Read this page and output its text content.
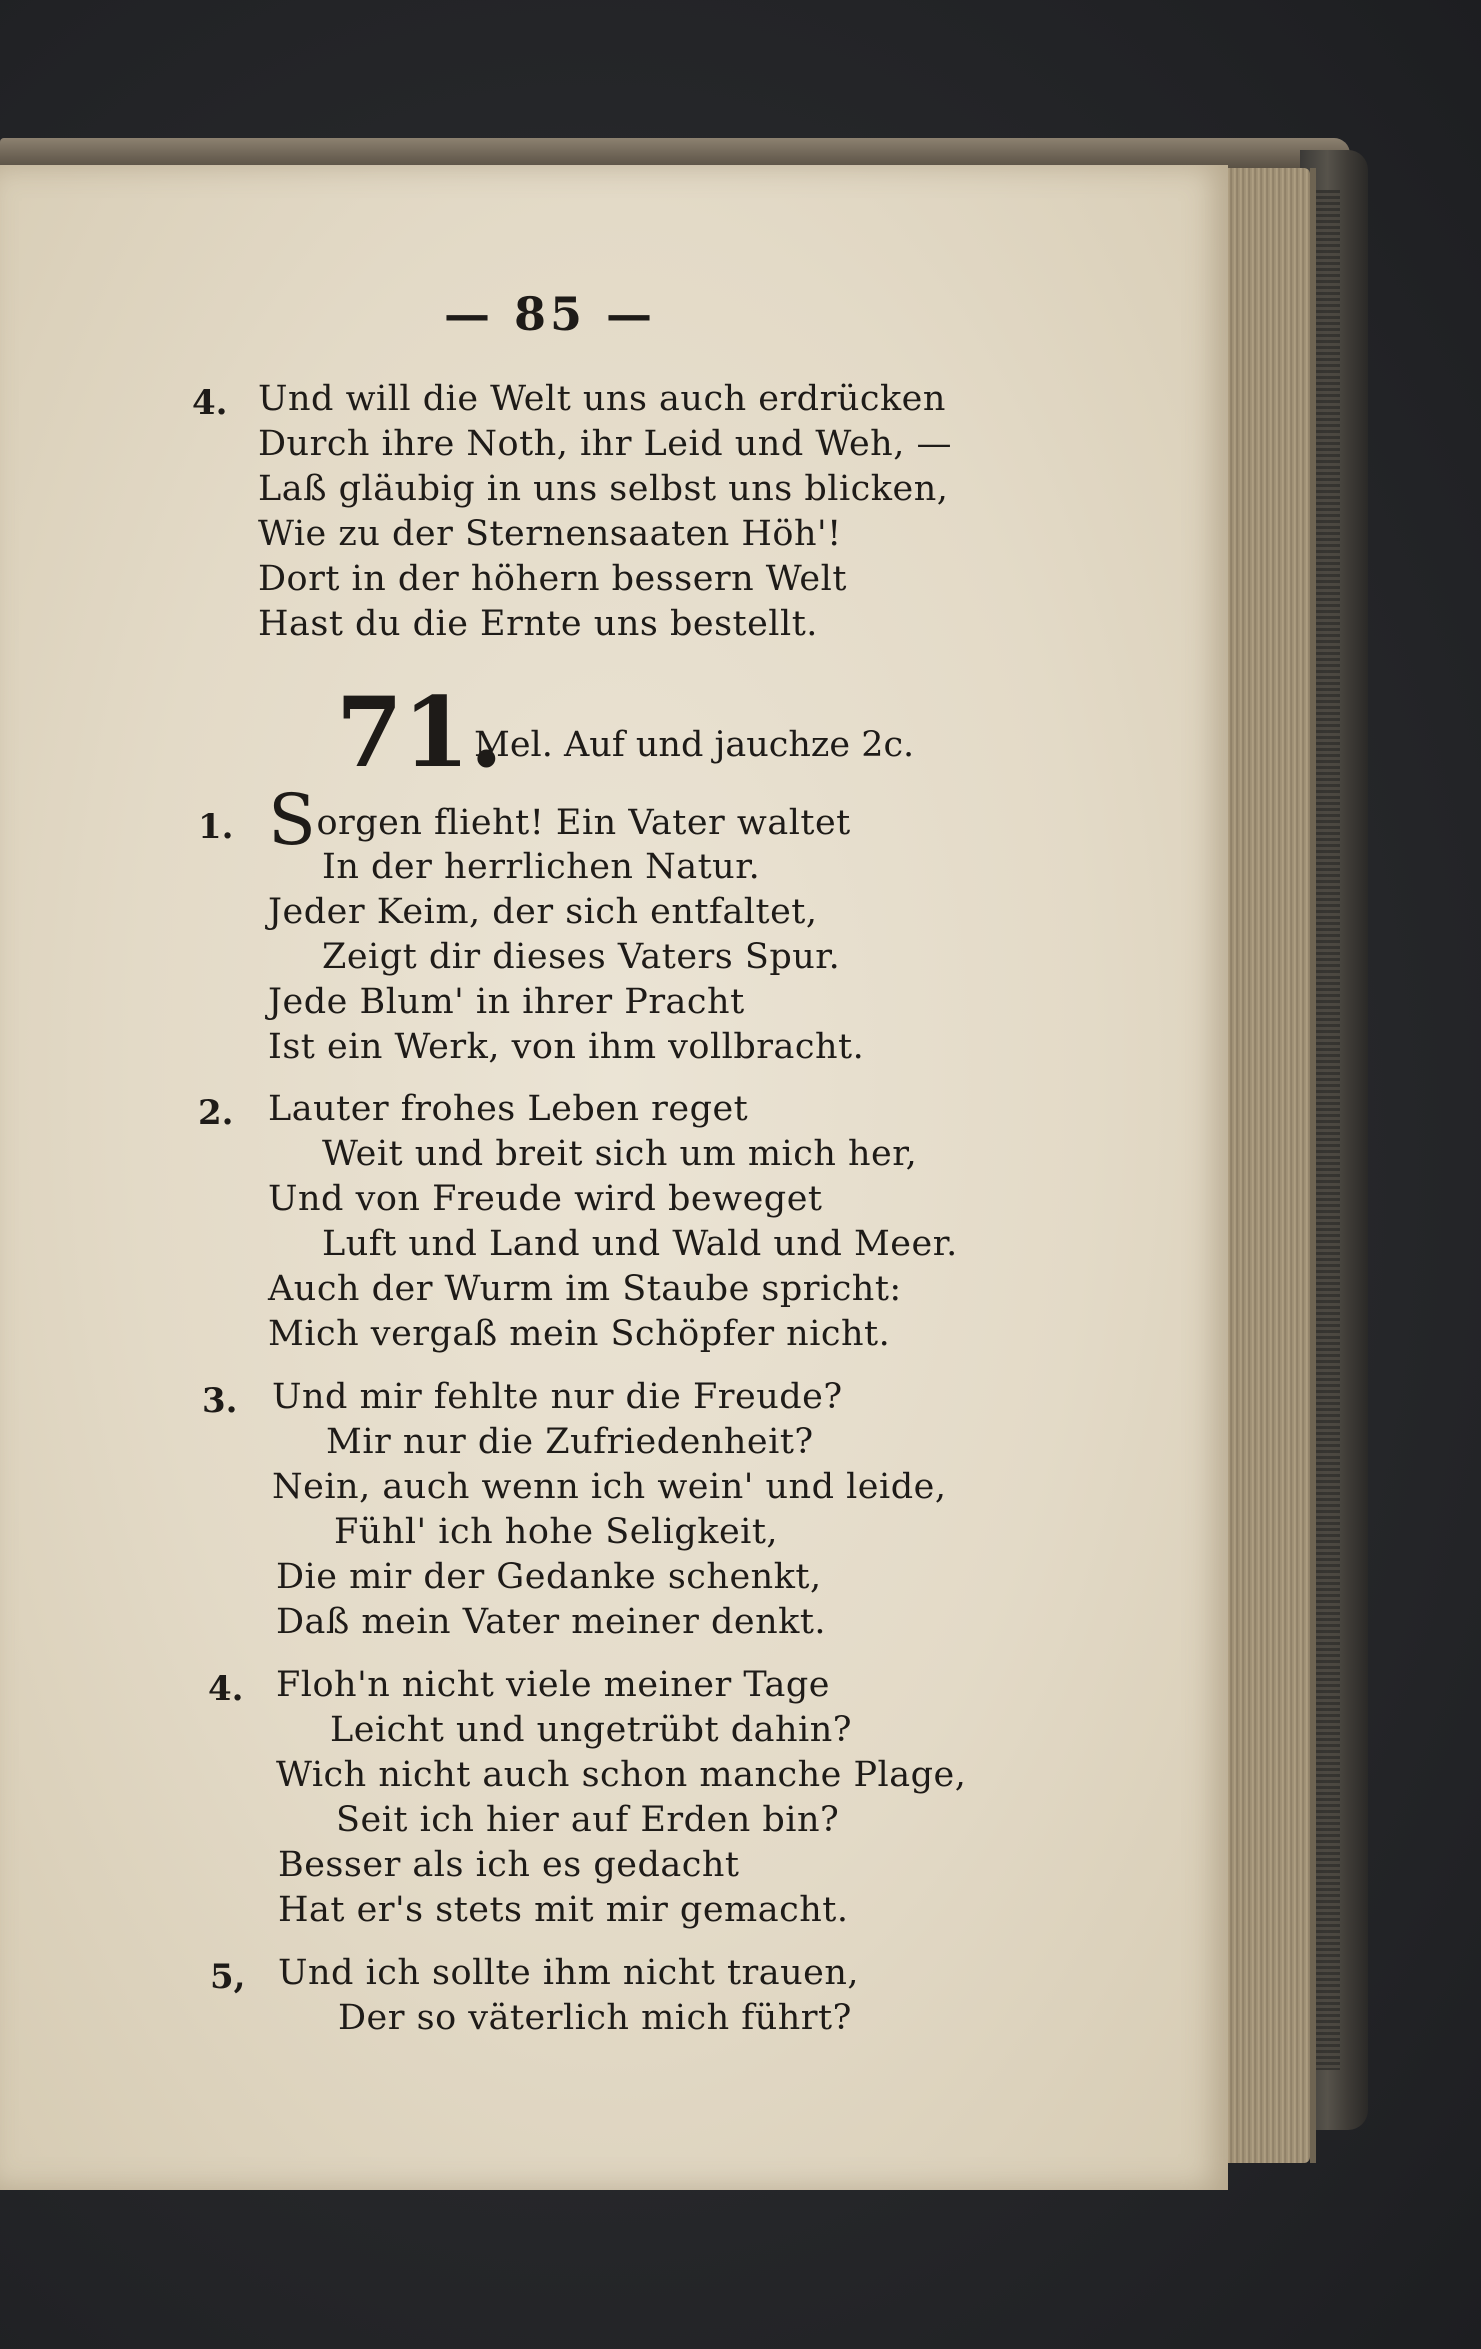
— 85 —
4. Und will die Welt uns auch erdrücken
Durch ihre Noth, ihr Leid und Weh, —
Laß gläubig in uns selbst uns blicken,
Wie zu der Sternensaaten Höh'!
Dort in der höhern bessern Welt
Hast du die Ernte uns bestellt.
71.
Mel. Auf und jauchze 2c.
1. Sorgen flieht! Ein Vater waltet
In der herrlichen Natur.
Jeder Keim, der sich entfaltet,
Zeigt dir dieses Vaters Spur.
Jede Blum' in ihrer Pracht
Ist ein Werk, von ihm vollbracht.
2. Lauter frohes Leben reget
Weit und breit sich um mich her,
Und von Freude wird beweget
Luft und Land und Wald und Meer.
Auch der Wurm im Staube spricht:
Mich vergaß mein Schöpfer nicht.
3. Und mir fehlte nur die Freude?
Mir nur die Zufriedenheit?
Nein, auch wenn ich wein' und leide,
Fühl' ich hohe Seligkeit,
Die mir der Gedanke schenkt,
Daß mein Vater meiner denkt.
4. Floh'n nicht viele meiner Tage
Leicht und ungetrübt dahin?
Wich nicht auch schon manche Plage,
Seit ich hier auf Erden bin?
Besser als ich es gedacht
Hat er's stets mit mir gemacht.
5, Und ich sollte ihm nicht trauen,
Der so väterlich mich führt?
